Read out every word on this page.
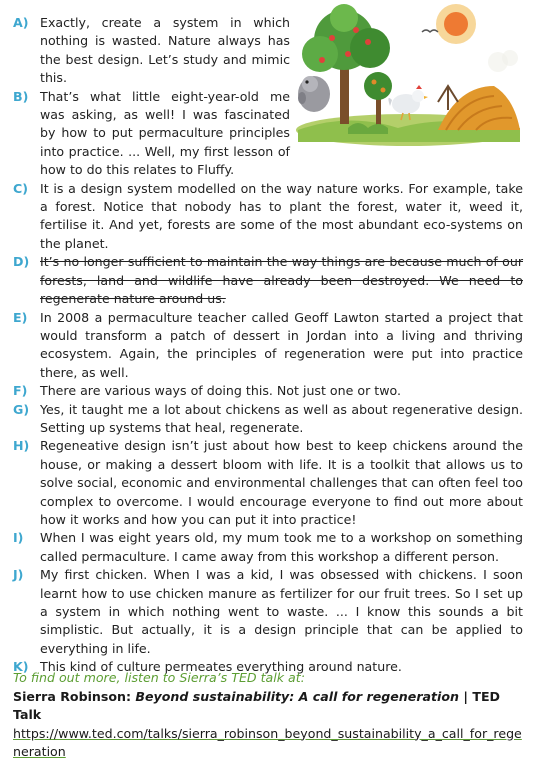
A) Exactly, create a system in which nothing is wasted. Nature always has the best design. Let’s study and mimic this.
B) That’s what little eight-year-old me was asking, as well! I was fascinated by how to put permaculture principles into practice. ... Well, my first lesson of how to do this relates to Fluffy.
C) It is a design system modelled on the way nature works. For example, take a forest. Notice that nobody has to plant the forest, water it, weed it, fertilise it. And yet, forests are some of the most abundant eco-systems on the planet.
D) It’s no longer sufficient to maintain the way things are because much of our forests, land and wildlife have already been destroyed. We need to regenerate nature around us.
E) In 2008 a permaculture teacher called Geoff Lawton started a project that would transform a patch of dessert in Jordan into a living and thriving ecosystem. Again, the principles of regeneration were put into practice there, as well.
F) There are various ways of doing this. Not just one or two.
G) Yes, it taught me a lot about chickens as well as about regenerative design. Setting up systems that heal, regenerate.
H) Regeneative design isn’t just about how best to keep chickens around the house, or making a dessert bloom with life. It is a toolkit that allows us to solve social, economic and environmental challenges that can often feel too complex to overcome. I would encourage everyone to find out more about how it works and how you can put it into practice!
I) When I was eight years old, my mum took me to a workshop on something called permaculture. I came away from this workshop a different person.
J) My first chicken. When I was a kid, I was obsessed with chickens. I soon learnt how to use chicken manure as fertilizer for our fruit trees. So I set up a system in which nothing went to waste. ... I know this sounds a bit simplistic. But actually, it is a design principle that can be applied to everything in life.
K) This kind of culture permeates everything around nature.
To find out more, listen to Sierra’s TED talk at:
Sierra Robinson: Beyond sustainability: A call for regeneration | TED Talk
https://www.ted.com/talks/sierra_robinson_beyond_sustainability_a_call_for_regeneration
